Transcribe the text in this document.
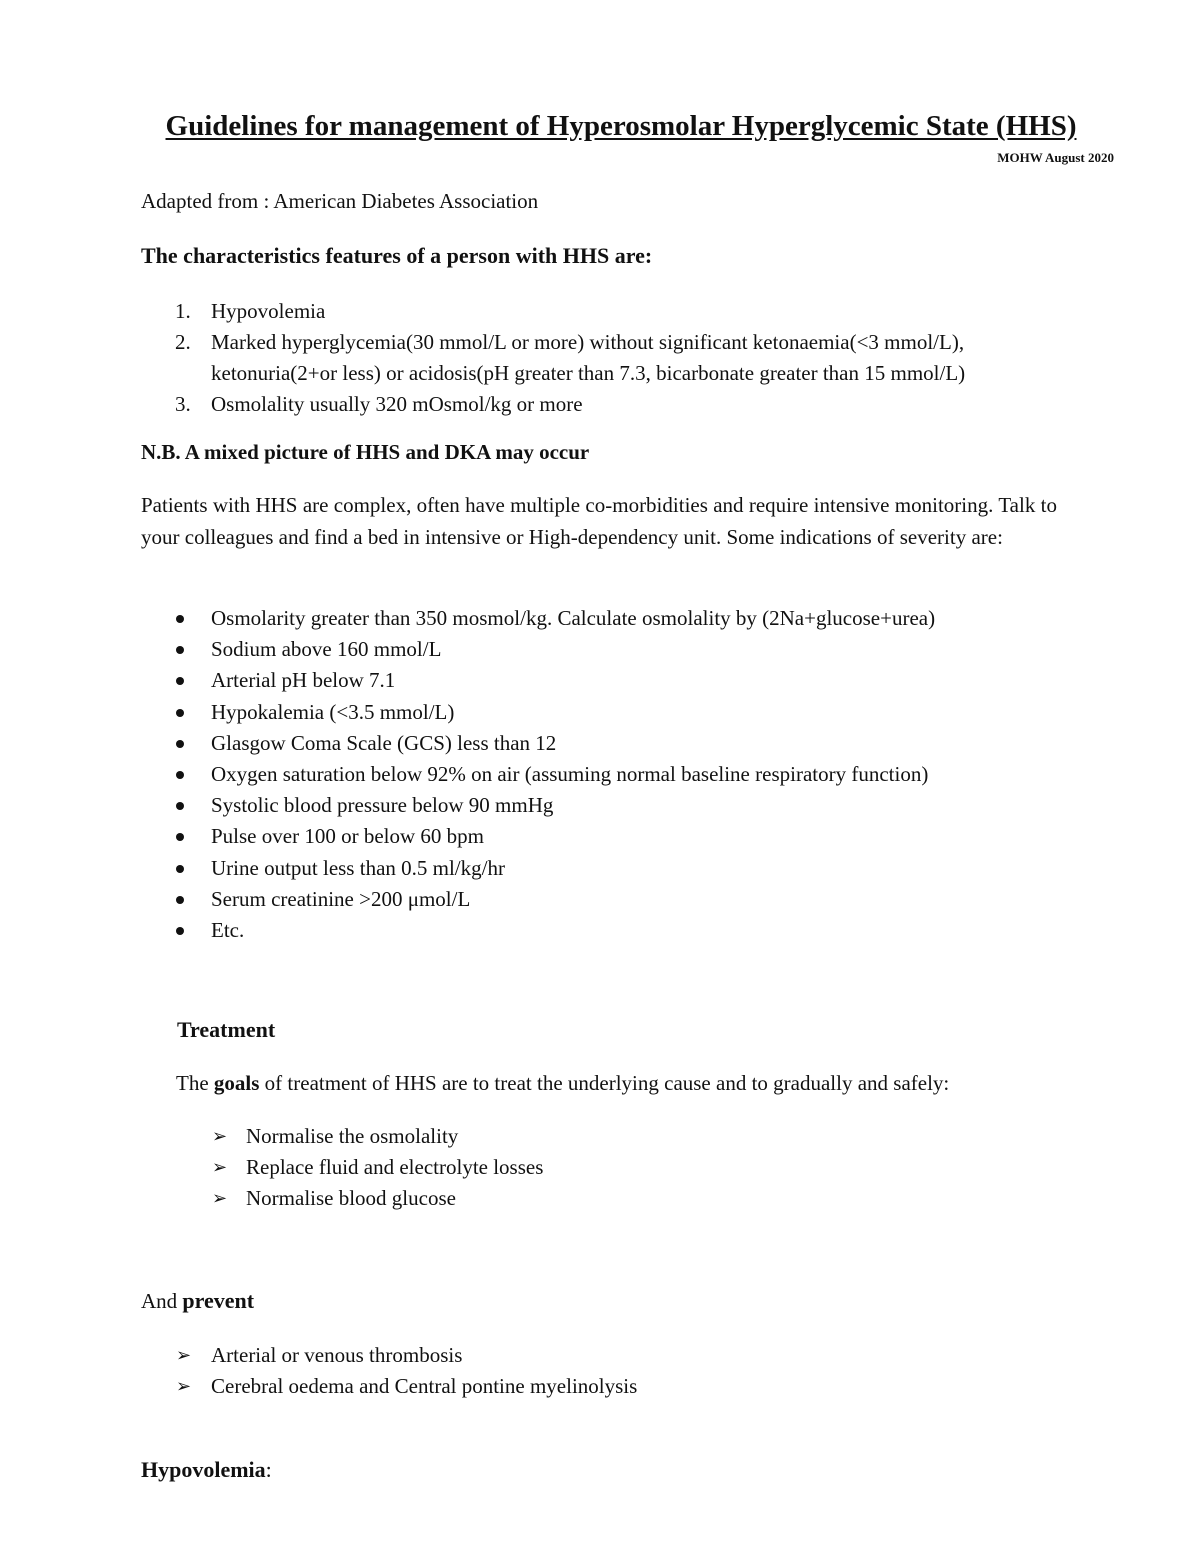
Guidelines for management of Hyperosmolar Hyperglycemic State (HHS)
MOHW August 2020
Adapted from : American Diabetes Association
The characteristics features of a person with HHS are:
1. Hypovolemia
2. Marked hyperglycemia(30 mmol/L or more) without significant ketonaemia(<3 mmol/L),
ketonuria(2+or less) or acidosis(pH greater than 7.3, bicarbonate greater than 15 mmol/L)
3. Osmolality usually 320 mOsmol/kg or more
N.B. A mixed picture of HHS and DKA may occur
Patients with HHS are complex, often have multiple co-morbidities and require intensive monitoring. Talk to your colleagues and find a bed in intensive or High-dependency unit. Some indications of severity are:
Osmolarity greater than 350 mosmol/kg. Calculate osmolality by (2Na+glucose+urea)
Sodium above 160 mmol/L
Arterial pH below 7.1
Hypokalemia (<3.5 mmol/L)
Glasgow Coma Scale (GCS) less than 12
Oxygen saturation below 92% on air (assuming normal baseline respiratory function)
Systolic blood pressure below 90 mmHg
Pulse over 100 or below 60 bpm
Urine output less than 0.5 ml/kg/hr
Serum creatinine >200 μmol/L
Etc.
Treatment
The goals of treatment of HHS are to treat the underlying cause and to gradually and safely:
➢ Normalise the osmolality
➢ Replace fluid and electrolyte losses
➢ Normalise blood glucose
And prevent
➢ Arterial or venous thrombosis
➢ Cerebral oedema and Central pontine myelinolysis
Hypovolemia:
